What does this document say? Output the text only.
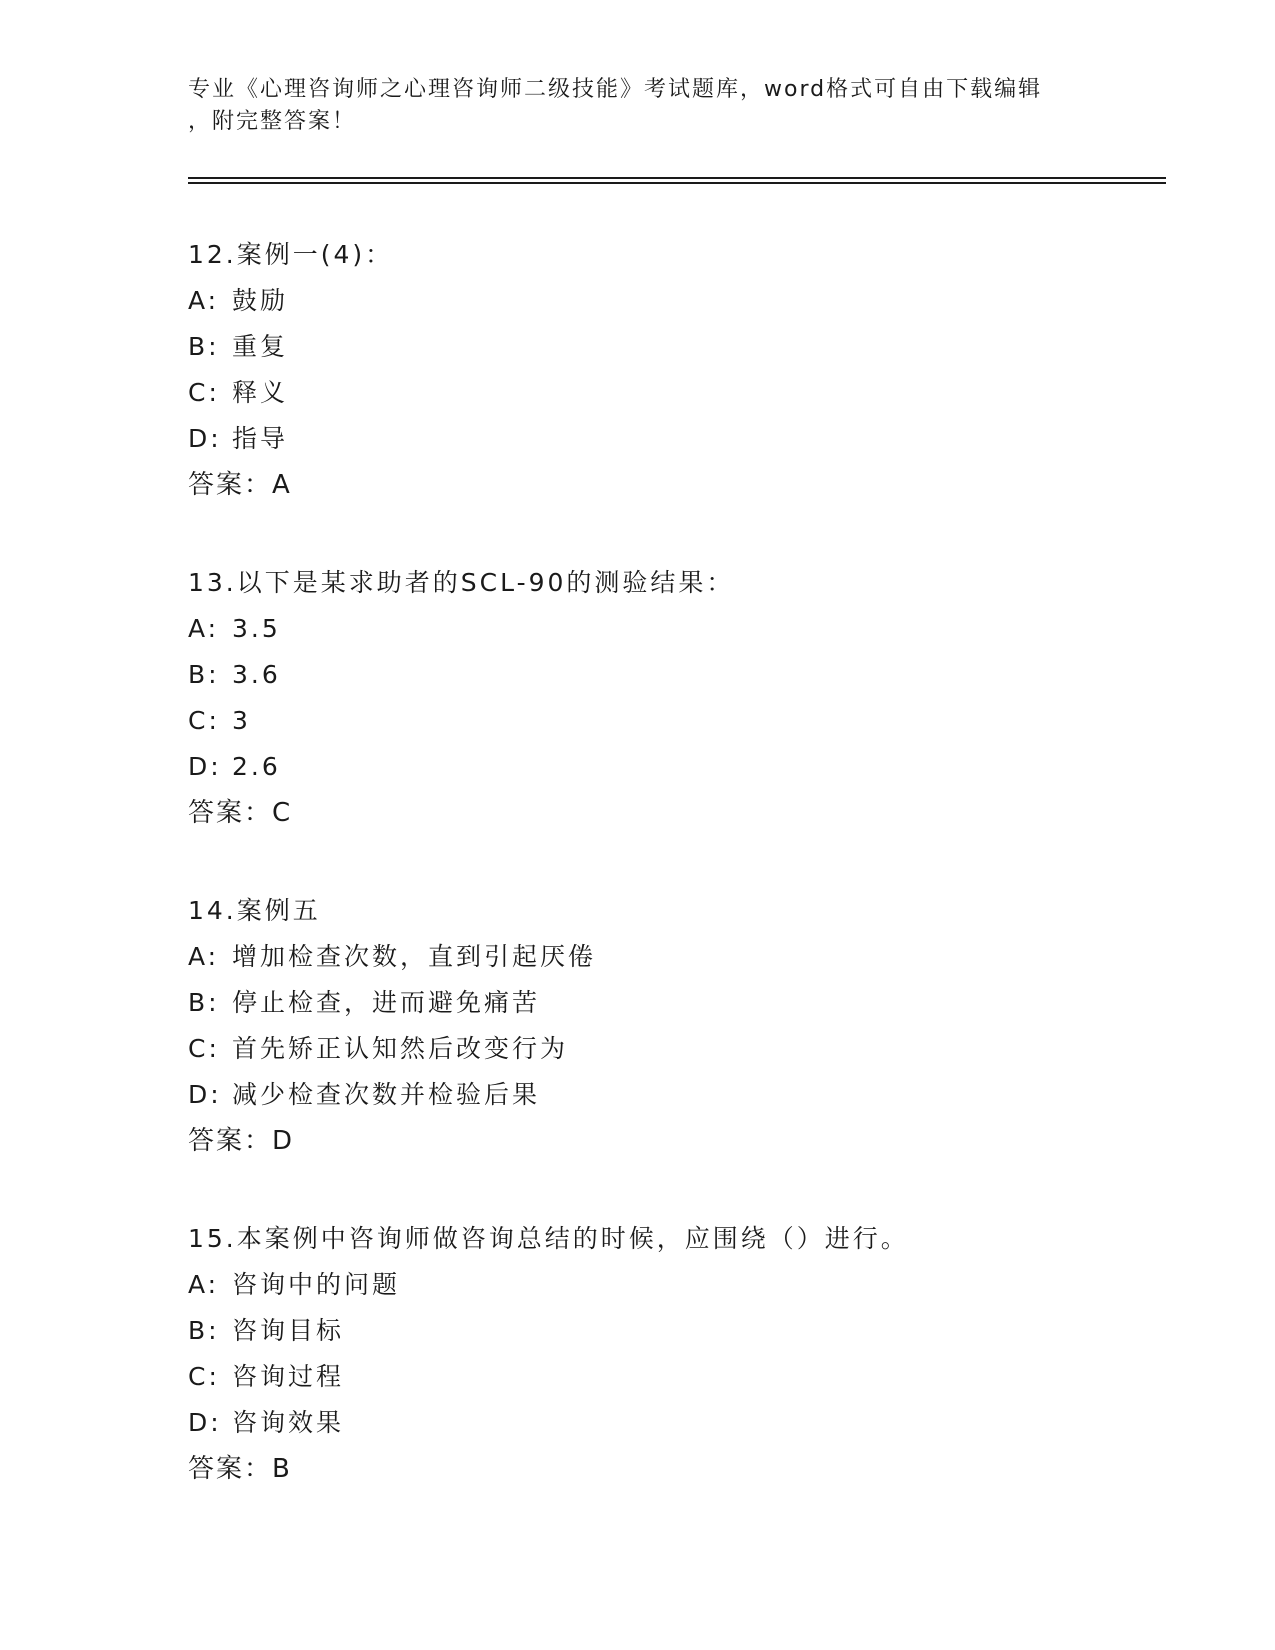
专业《心理咨询师之心理咨询师二级技能》考试题库，word格式可自由下载编辑
，附完整答案！
12.案例一(4)：
A: 鼓励
B: 重复
C: 释义
D: 指导
答案：A
13.以下是某求助者的SCL-90的测验结果：
A: 3.5
B: 3.6
C: 3
D: 2.6
答案：C
14.案例五
A: 增加检查次数，直到引起厌倦
B: 停止检查，进而避免痛苦
C: 首先矫正认知然后改变行为
D: 减少检查次数并检验后果
答案：D
15.本案例中咨询师做咨询总结的时候，应围绕（）进行。
A: 咨询中的问题
B: 咨询目标
C: 咨询过程
D: 咨询效果
答案：B
